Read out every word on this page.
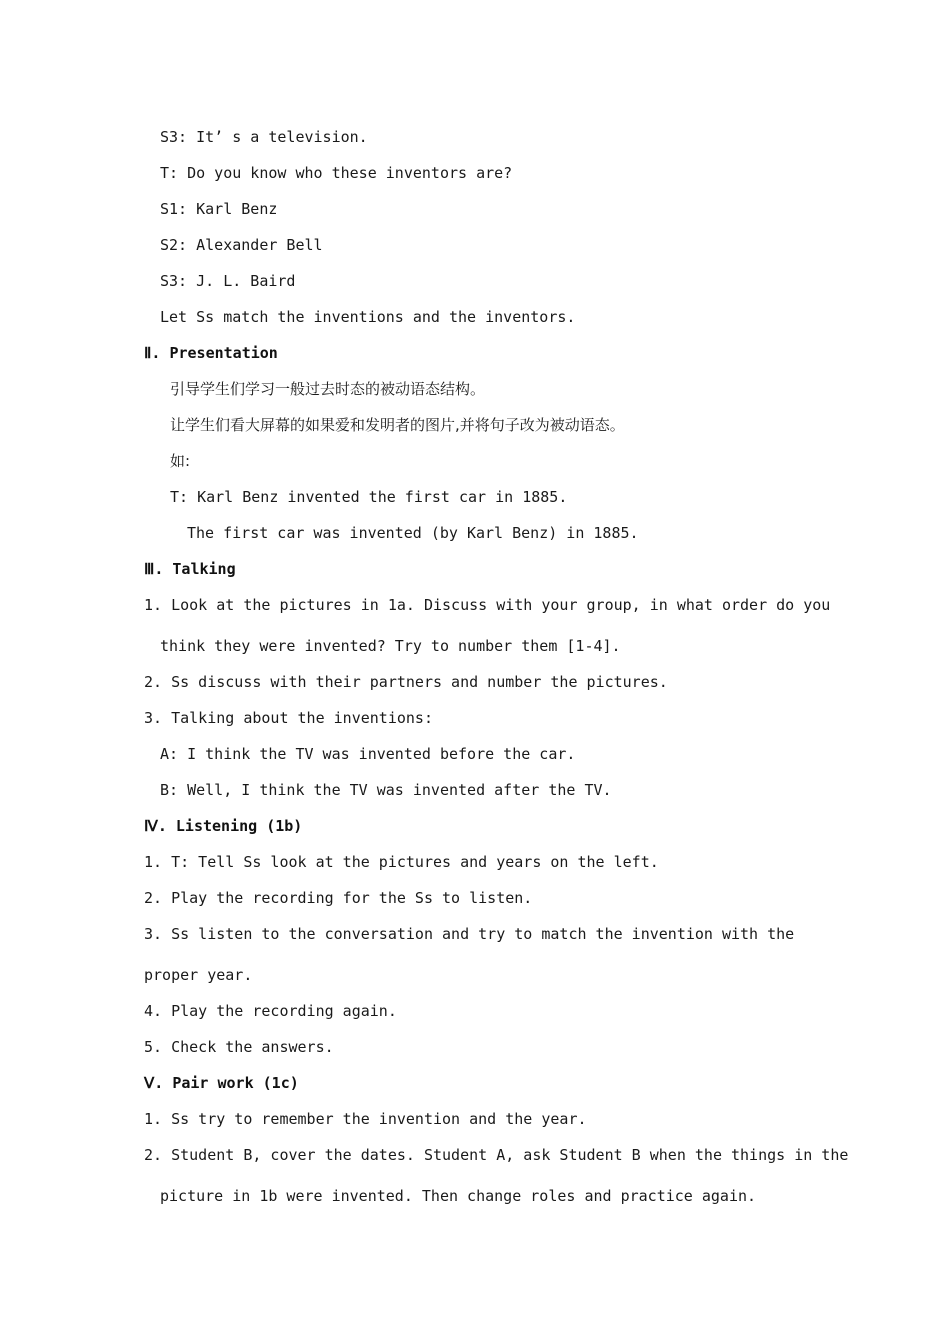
S3: It’ s a television.
T: Do you know who these inventors are?
S1: Karl Benz
S2: Alexander Bell
S3: J. L. Baird
Let Ss match the inventions and the inventors.
Ⅱ. Presentation
引导学生们学习一般过去时态的被动语态结构。
让学生们看大屏幕的如果爱和发明者的图片,并将句子改为被动语态。
如:
T: Karl Benz invented the first car in 1885.
The first car was invented (by Karl Benz) in 1885.
Ⅲ. Talking
1. Look at the pictures in 1a. Discuss with your group, in what order do you
think they were invented? Try to number them [1-4].
2. Ss discuss with their partners and number the pictures.
3. Talking about the inventions:
A: I think the TV was invented before the car.
B: Well, I think the TV was invented after the TV.
Ⅳ. Listening (1b)
1. T: Tell Ss look at the pictures and years on the left.
2. Play the recording for the Ss to listen.
3. Ss listen to the conversation and try to match the invention with the
proper year.
4. Play the recording again.
5. Check the answers.
Ⅴ. Pair work (1c)
1. Ss try to remember the invention and the year.
2. Student B, cover the dates. Student A, ask Student B when the things in the
picture in 1b were invented. Then change roles and practice again.
